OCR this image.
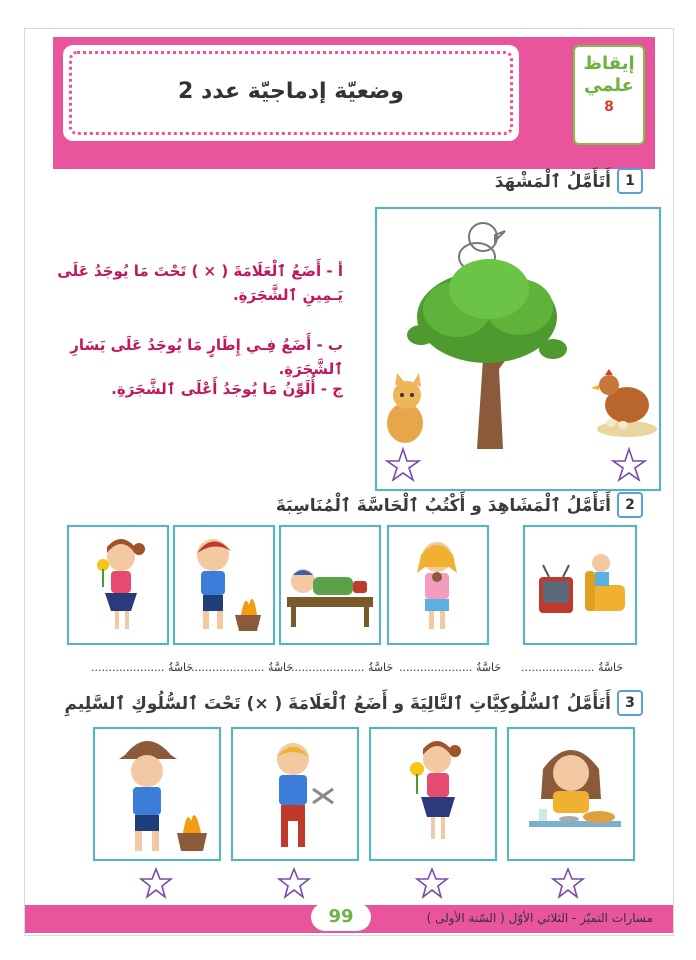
إيقاظ
علمي
8
وضعيّة إدماجيّة عدد 2
1
أَتَأَمَّلُ ٱلْمَشْهَدَ
أ - أَضَعُ ٱلْعَلَامَةَ ( × ) تَحْتَ مَا يُوجَدُ عَلَى يَـمِينِ ٱلشَّجَرَةِ.
ب - أَضَعُ فِـي إِطَارٍ مَا يُوجَدُ عَلَى يَسَارِ ٱلشَّجَرَةِ.
ج - أُلَوِّنُ مَا يُوجَدُ أَعْلَى ٱلشَّجَرَةِ.
2
أَتَأَمَّلُ ٱلْمَشَاهِدَ و أَكْتُبُ ٱلْحَاسَّةَ ٱلْمُنَاسِبَةَ
حَاسَّةُ .....................	حَاسَّةُ .....................	حَاسَّةُ .....................	حَاسَّةُ .....................	حَاسَّةُ .....................
3
أَتَأَمَّلُ ٱلسُّلُوكِيَّاتِ ٱلتَّالِيَةَ و أَضَعُ ٱلْعَلَامَةَ ( ×) تَحْتَ ٱلسُّلُوكِ ٱلسَّلِيمِ
99	مسارات التميّز - الثلاثي الأوّل ( السّنة الأولى )
